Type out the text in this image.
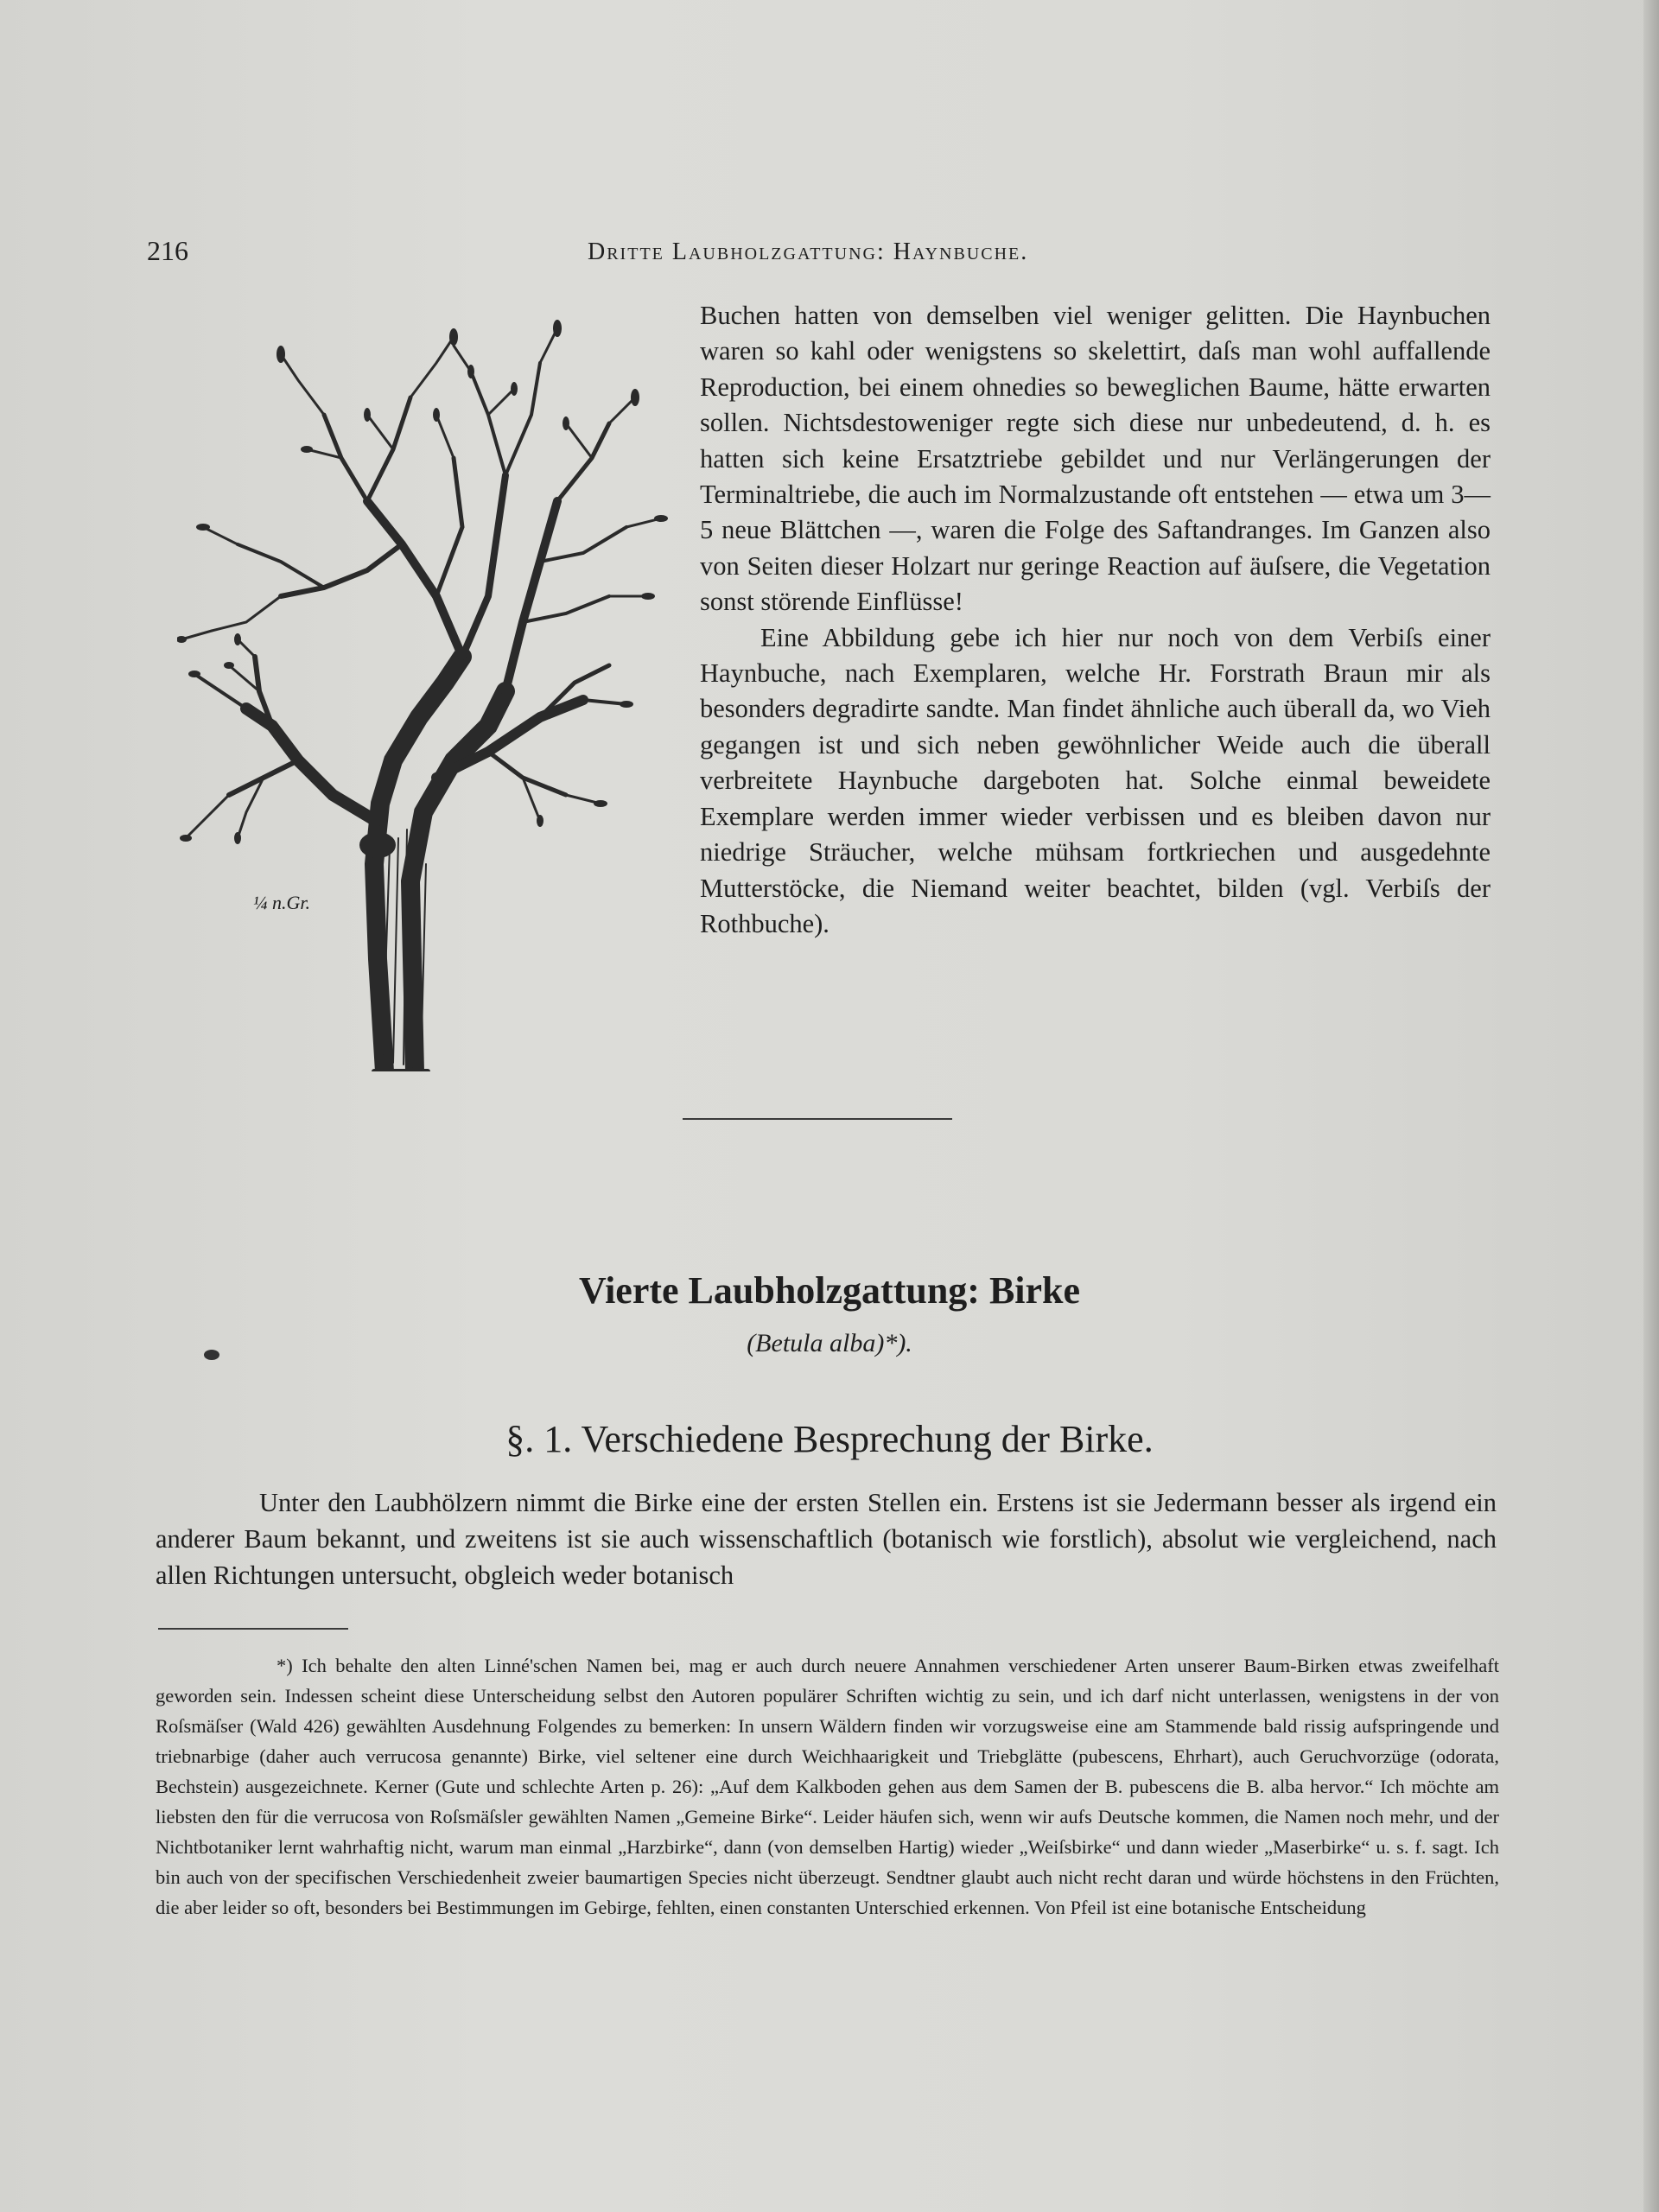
216	Dritte Laubholzgattung: Haynbuche.
¼ n.Gr.

Buchen hatten von demselben viel weniger gelitten. Die Haynbuchen waren so kahl oder wenigstens so skelettirt, daſs man wohl auffallende Reproduction, bei einem ohnedies so beweglichen Baume, hätte erwarten sollen. Nichtsdestoweniger regte sich diese nur unbedeutend, d. h. es hatten sich keine Ersatztriebe gebildet und nur Verlängerungen der Terminaltriebe, die auch im Normalzustande oft entstehen — etwa um 3—5 neue Blättchen —, waren die Folge des Saftandranges. Im Ganzen also von Seiten dieser Holzart nur geringe Reaction auf äuſsere, die Vegetation sonst störende Einflüsse!

Eine Abbildung gebe ich hier nur noch von dem Verbiſs einer Haynbuche, nach Exemplaren, welche Hr. Forstrath Braun mir als besonders degradirte sandte. Man findet ähnliche auch überall da, wo Vieh gegangen ist und sich neben gewöhnlicher Weide auch die überall verbreitete Haynbuche dargeboten hat. Solche einmal beweidete Exemplare werden immer wieder verbissen und es bleiben davon nur niedrige Sträucher, welche mühsam fortkriechen und ausgedehnte Mutterstöcke, die Niemand weiter beachtet, bilden (vgl. Verbiſs der Rothbuche).

Vierte Laubholzgattung: Birke
(Betula alba)*).
§. 1. Verschiedene Besprechung der Birke.

Unter den Laubhölzern nimmt die Birke eine der ersten Stellen ein. Erstens ist sie Jedermann besser als irgend ein anderer Baum bekannt, und zweitens ist sie auch wissenschaftlich (botanisch wie forstlich), absolut wie vergleichend, nach allen Richtungen untersucht, obgleich weder botanisch

*) Ich behalte den alten Linné'schen Namen bei, mag er auch durch neuere Annahmen verschiedener Arten unserer Baum-Birken etwas zweifelhaft geworden sein. Indessen scheint diese Unterscheidung selbst den Autoren populärer Schriften wichtig zu sein, und ich darf nicht unterlassen, wenigstens in der von Roſsmäſser (Wald 426) gewählten Ausdehnung Folgendes zu bemerken: In unsern Wäldern finden wir vorzugsweise eine am Stammende bald rissig aufspringende und triebnarbige (daher auch verrucosa genannte) Birke, viel seltener eine durch Weichhaarigkeit und Triebglätte (pubescens, Ehrhart), auch Geruchvorzüge (odorata, Bechstein) ausgezeichnete. Kerner (Gute und schlechte Arten p. 26): „Auf dem Kalkboden gehen aus dem Samen der B. pubescens die B. alba hervor.“ Ich möchte am liebsten den für die verrucosa von Roſsmäſsler gewählten Namen „Gemeine Birke“. Leider häufen sich, wenn wir aufs Deutsche kommen, die Namen noch mehr, und der Nichtbotaniker lernt wahrhaftig nicht, warum man einmal „Harzbirke“, dann (von demselben Hartig) wieder „Weiſsbirke“ und dann wieder „Maserbirke“ u. s. f. sagt. Ich bin auch von der specifischen Verschiedenheit zweier baumartigen Species nicht überzeugt. Sendtner glaubt auch nicht recht daran und würde höchstens in den Früchten, die aber leider so oft, besonders bei Bestimmungen im Gebirge, fehlten, einen constanten Unterschied erkennen. Von Pfeil ist eine botanische Entscheidung
